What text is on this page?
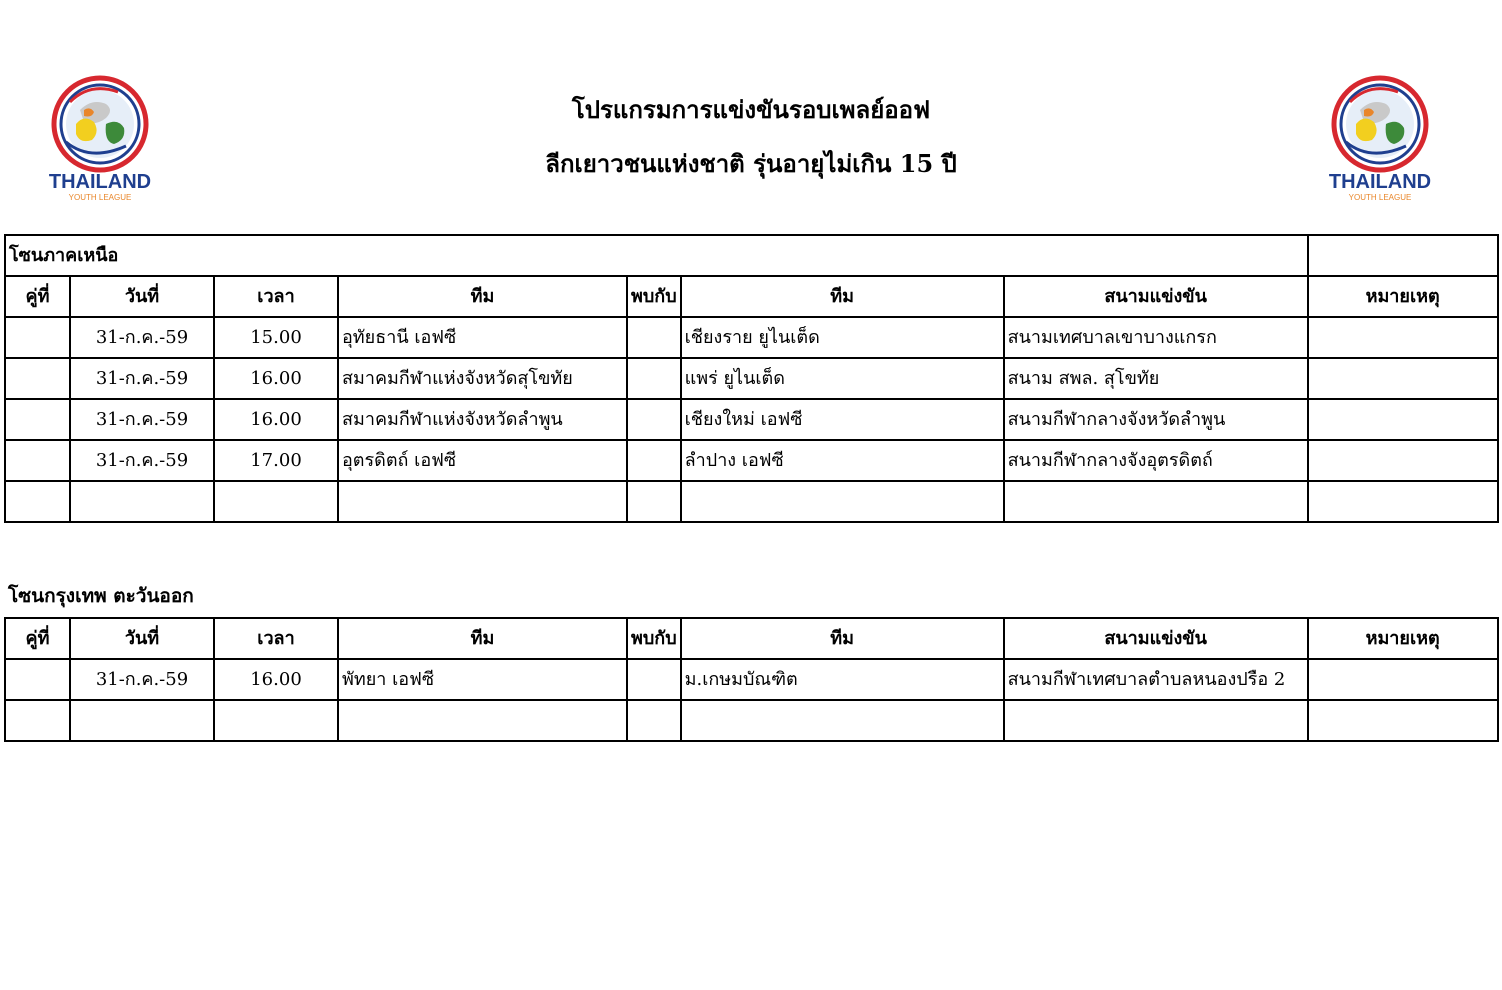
THAILAND
YOUTH LEAGUE
THAILAND
YOUTH LEAGUE
โปรแกรมการแข่งขันรอบเพลย์ออฟ
ลีกเยาวชนแห่งชาติ รุ่นอายุไม่เกิน 15 ปี
โซนภาคเหนือ							
คู่ที่	วันที่	เวลา	ทีม	พบกับ	ทีม	สนามแข่งขัน	หมายเหตุ
	31-ก.ค.-59	15.00	อุทัยธานี เอฟซี		เชียงราย ยูไนเต็ด	สนามเทศบาลเขาบางแกรก	
	31-ก.ค.-59	16.00	สมาคมกีฬาแห่งจังหวัดสุโขทัย		แพร่ ยูไนเต็ด	สนาม สพล. สุโขทัย	
	31-ก.ค.-59	16.00	สมาคมกีฬาแห่งจังหวัดลำพูน		เชียงใหม่ เอฟซี	สนามกีฬากลางจังหวัดลำพูน	
	31-ก.ค.-59	17.00	อุตรดิตถ์ เอฟซี		ลำปาง เอฟซี	สนามกีฬากลางจังอุตรดิตถ์	

โซนกรุงเทพ ตะวันออก
คู่ที่	วันที่	เวลา	ทีม	พบกับ	ทีม	สนามแข่งขัน	หมายเหตุ
	31-ก.ค.-59	16.00	พัทยา เอฟซี		ม.เกษมบัณฑิต	สนามกีฬาเทศบาลตำบลหนองปรือ 2	
